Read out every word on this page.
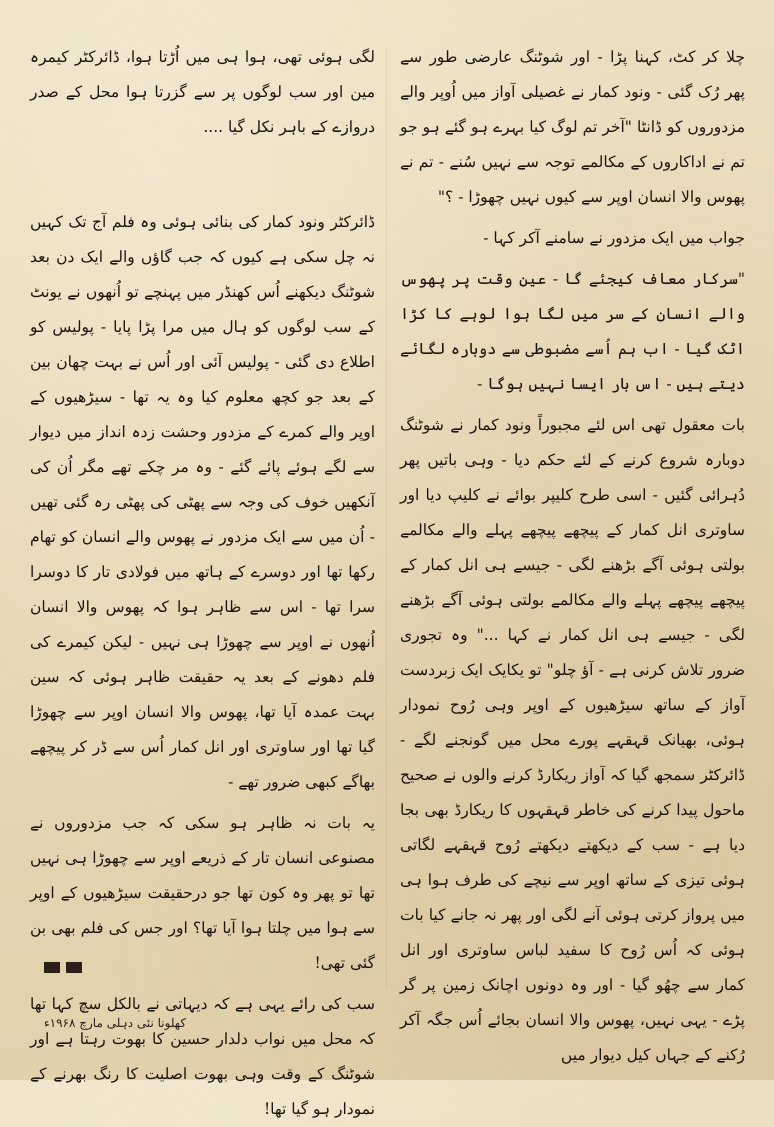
چلا کر کٹ، کہنا پڑا - اور شوٹنگ عارضی طور سے پھر رُک گئی - ونود کمار نے غصیلی آواز میں اُوپر والے مزدوروں کو ڈانٹا "آخر تم لوگ کیا بہرے ہو گئے ہو جو تم نے اداکاروں کے مکالمے توجہ سے نہیں سُنے - تم نے پھوس والا انسان اوپر سے کیوں نہیں چھوڑا - ؟"

جواب میں ایک مزدور نے سامنے آکر کہا -

"سرکار معاف کیجئے گا - عین وقت پر پھوس والے انسان کے سر میں لگا ہوا لوہے کا کڑا اٹک گیا - اب ہم اُسے مضبوطی سے دوبارہ لگائے دیتے ہیں - اس بار ایسا نہیں ہوگا -

بات معقول تھی اس لئے مجبوراً ونود کمار نے شوٹنگ دوبارہ شروع کرنے کے لئے حکم دیا - وہی باتیں پھر دُہرائی گئیں - اسی طرح کلیپر بوائے نے کلیپ دیا اور ساوتری انل کمار کے پیچھے پیچھے پہلے والے مکالمے بولتی ہوئی آگے بڑھنے لگی - جیسے ہی انل کمار کے پیچھے پیچھے پہلے والے مکالمے بولتی ہوئی آگے بڑھنے لگی - جیسے ہی انل کمار نے کہا ..." وہ تجوری ضرور تلاش کرنی ہے - آؤ چلو" تو یکایک ایک زبردست آواز کے ساتھ سیڑھیوں کے اوپر وہی رُوح نمودار ہوئی، بھیانک قہقہے پورے محل میں گونجنے لگے - ڈائرکٹر سمجھ گیا کہ آواز ریکارڈ کرنے والوں نے صحیح ماحول پیدا کرنے کی خاطر قہقہوں کا ریکارڈ بھی بجا دیا ہے - سب کے دیکھتے دیکھتے رُوح قہقہے لگاتی ہوئی تیزی کے ساتھ اوپر سے نیچے کی طرف ہوا ہی میں پرواز کرتی ہوئی آنے لگی اور پھر نہ جانے کیا بات ہوئی کہ اُس رُوح کا سفید لباس ساوتری اور انل کمار سے چھُو گیا - اور وہ دونوں اچانک زمین پر گر پڑے - یہی نہیں، پھوس والا انسان بجائے اُس جگہ آکر رُکنے کے جہاں کیل دیوار میں

لگی ہوئی تھی، ہوا ہی میں اُڑتا ہوا، ڈائرکٹر کیمرہ مین اور سب لوگوں پر سے گزرتا ہوا محل کے صدر دروازے کے باہر نکل گیا ....

ڈائرکٹر ونود کمار کی بنائی ہوئی وہ فلم آج تک کہیں نہ چل سکی ہے کیوں کہ جب گاؤں والے ایک دن بعد شوٹنگ دیکھنے اُس کھنڈر میں پہنچے تو اُنھوں نے یونٹ کے سب لوگوں کو ہال میں مرا پڑا پایا - پولیس کو اطلاع دی گئی - پولیس آئی اور اُس نے بہت چھان بین کے بعد جو کچھ معلوم کیا وہ یہ تھا - سیڑھیوں کے اوپر والے کمرے کے مزدور وحشت زدہ انداز میں دیوار سے لگے ہوئے پائے گئے - وہ مر چکے تھے مگر اُن کی آنکھیں خوف کی وجہ سے پھٹی کی پھٹی رہ گئی تھیں - اُن میں سے ایک مزدور نے پھوس والے انسان کو تھام رکھا تھا اور دوسرے کے ہاتھ میں فولادی تار کا دوسرا سرا تھا - اس سے ظاہر ہوا کہ پھوس والا انسان اُنھوں نے اوپر سے چھوڑا ہی نہیں - لیکن کیمرے کی فلم دھونے کے بعد یہ حقیقت ظاہر ہوئی کہ سین بہت عمدہ آیا تھا، پھوس والا انسان اوپر سے چھوڑا گیا تھا اور ساوتری اور انل کمار اُس سے ڈر کر پیچھے بھاگے کبھی ضرور تھے -

یہ بات نہ ظاہر ہو سکی کہ جب مزدوروں نے مصنوعی انسان تار کے ذریعے اوپر سے چھوڑا ہی نہیں تھا تو پھر وہ کون تھا جو درحقیقت سیڑھیوں کے اوپر سے ہوا میں چلتا ہوا آیا تھا؟ اور جس کی فلم بھی بن گئی تھی!

سب کی رائے یہی ہے کہ دیہاتی نے بالکل سچ کہا تھا کہ محل میں نواب دلدار حسین کا بھوت رہتا ہے اور شوٹنگ کے وقت وہی بھوت اصلیت کا رنگ بھرنے کے نمودار ہو گیا تھا!

کھلونا نئی دہلی مارچ ۱۹۶۸ء
